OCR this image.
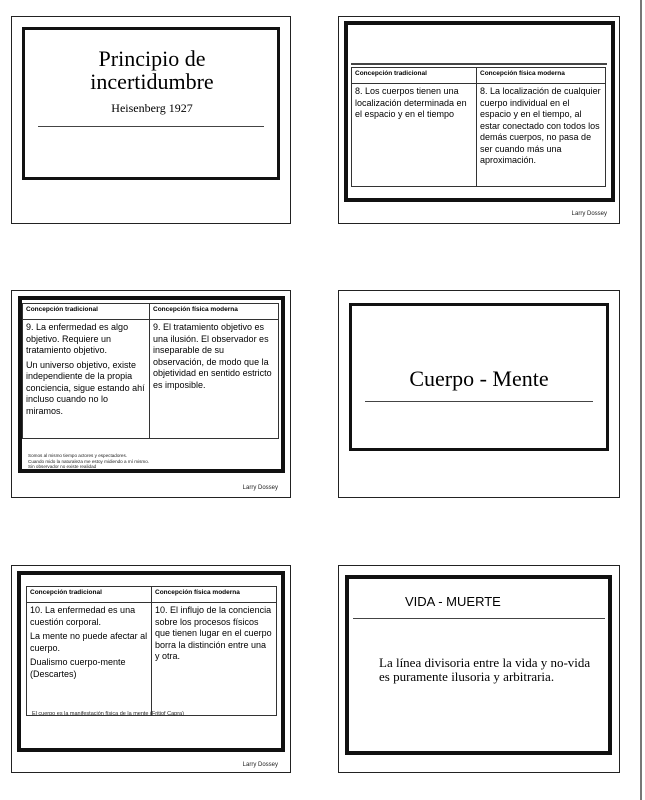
Principio de incertidumbre
Heisenberg 1927
Concepción tradicional	Concepción física moderna
8. Los cuerpos tienen una localización determinada en el espacio y en el tiempo	8. La localización de cualquier cuerpo individual en el espacio y en el tiempo, al estar conectado con todos los demás cuerpos, no pasa de ser cuando más una aproximación.
Larry Dossey
Concepción tradicional	Concepción física moderna

9. La enfermedad es algo objetivo. Requiere un tratamiento objetivo.

Un universo objetivo, existe independiente de la propia conciencia, sigue estando ahí incluso cuando no lo miramos.	9. El tratamiento objetivo es una ilusión. El observador es inseparable de su observación, de modo que la objetividad en sentido estricto es imposible.
Somos al mismo tiempo actores y espectadores.
Cuando mido la naturaleza me estoy midiendo a mí mismo.
Sin observador no existe realidad
Larry Dossey
Cuerpo - Mente
Concepción tradicional	Concepción física moderna

10. La enfermedad es una cuestión corporal.

La mente no puede afectar al cuerpo.

Dualismo cuerpo-mente (Descartes)	10. El influjo de la conciencia sobre los procesos físicos que tienen lugar en el cuerpo borra la distinción entre una y otra.
El cuerpo es la manifestación física de la mente (Fritjof Capra)
Larry Dossey
VIDA - MUERTE
La línea divisoria entre la vida y no-vida es puramente ilusoria y arbitraria.
